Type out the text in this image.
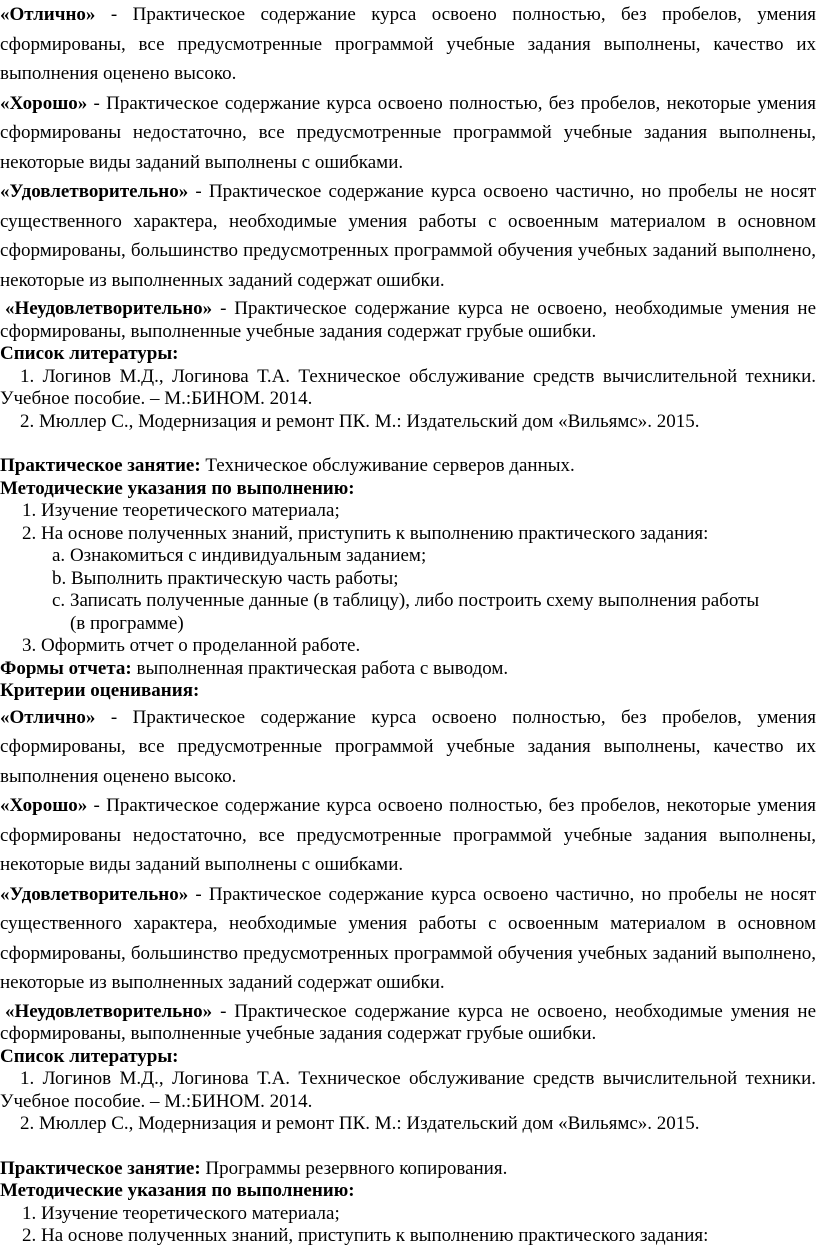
«Отлично» - Практическое содержание курса освоено полностью, без пробелов, умения сформированы, все предусмотренные программой учебные задания выполнены, качество их выполнения оценено высоко.

«Хорошо» - Практическое содержание курса освоено полностью, без пробелов, некоторые умения сформированы недостаточно, все предусмотренные программой учебные задания выполнены, некоторые виды заданий выполнены с ошибками.

«Удовлетворительно» - Практическое содержание курса освоено частично, но пробелы не носят существенного характера, необходимые умения работы с освоенным материалом в основном сформированы, большинство предусмотренных программой обучения учебных заданий выполнено, некоторые из выполненных заданий содержат ошибки.

«Неудовлетворительно» - Практическое содержание курса не освоено, необходимые умения не сформированы, выполненные учебные задания содержат грубые ошибки.

Список литературы:

1. Логинов М.Д., Логинова Т.А. Техническое обслуживание средств вычислительной техники. Учебное пособие. – М.:БИНОМ. 2014.

2. Мюллер С., Модернизация и ремонт ПК. М.: Издательский дом «Вильямс». 2015.

Практическое занятие: Техническое обслуживание серверов данных.

Методические указания по выполнению:

1.
Изучение теоретического материала;
2.
На основе полученных знаний, приступить к выполнению практического задания:
a.
Ознакомиться с индивидуальным заданием;
b.
Выполнить практическую часть работы;
c.
Записать полученные данные (в таблицу), либо построить схему выполнения работы (в программе)
3.
Оформить отчет о проделанной работе.

Формы отчета: выполненная практическая работа с выводом.

Критерии оценивания:

«Отлично» - Практическое содержание курса освоено полностью, без пробелов, умения сформированы, все предусмотренные программой учебные задания выполнены, качество их выполнения оценено высоко.

«Хорошо» - Практическое содержание курса освоено полностью, без пробелов, некоторые умения сформированы недостаточно, все предусмотренные программой учебные задания выполнены, некоторые виды заданий выполнены с ошибками.

«Удовлетворительно» - Практическое содержание курса освоено частично, но пробелы не носят существенного характера, необходимые умения работы с освоенным материалом в основном сформированы, большинство предусмотренных программой обучения учебных заданий выполнено, некоторые из выполненных заданий содержат ошибки.

«Неудовлетворительно» - Практическое содержание курса не освоено, необходимые умения не сформированы, выполненные учебные задания содержат грубые ошибки.

Список литературы:

1. Логинов М.Д., Логинова Т.А. Техническое обслуживание средств вычислительной техники. Учебное пособие. – М.:БИНОМ. 2014.

2. Мюллер С., Модернизация и ремонт ПК. М.: Издательский дом «Вильямс». 2015.

Практическое занятие: Программы резервного копирования.

Методические указания по выполнению:

1.
Изучение теоретического материала;
2.
На основе полученных знаний, приступить к выполнению практического задания:
